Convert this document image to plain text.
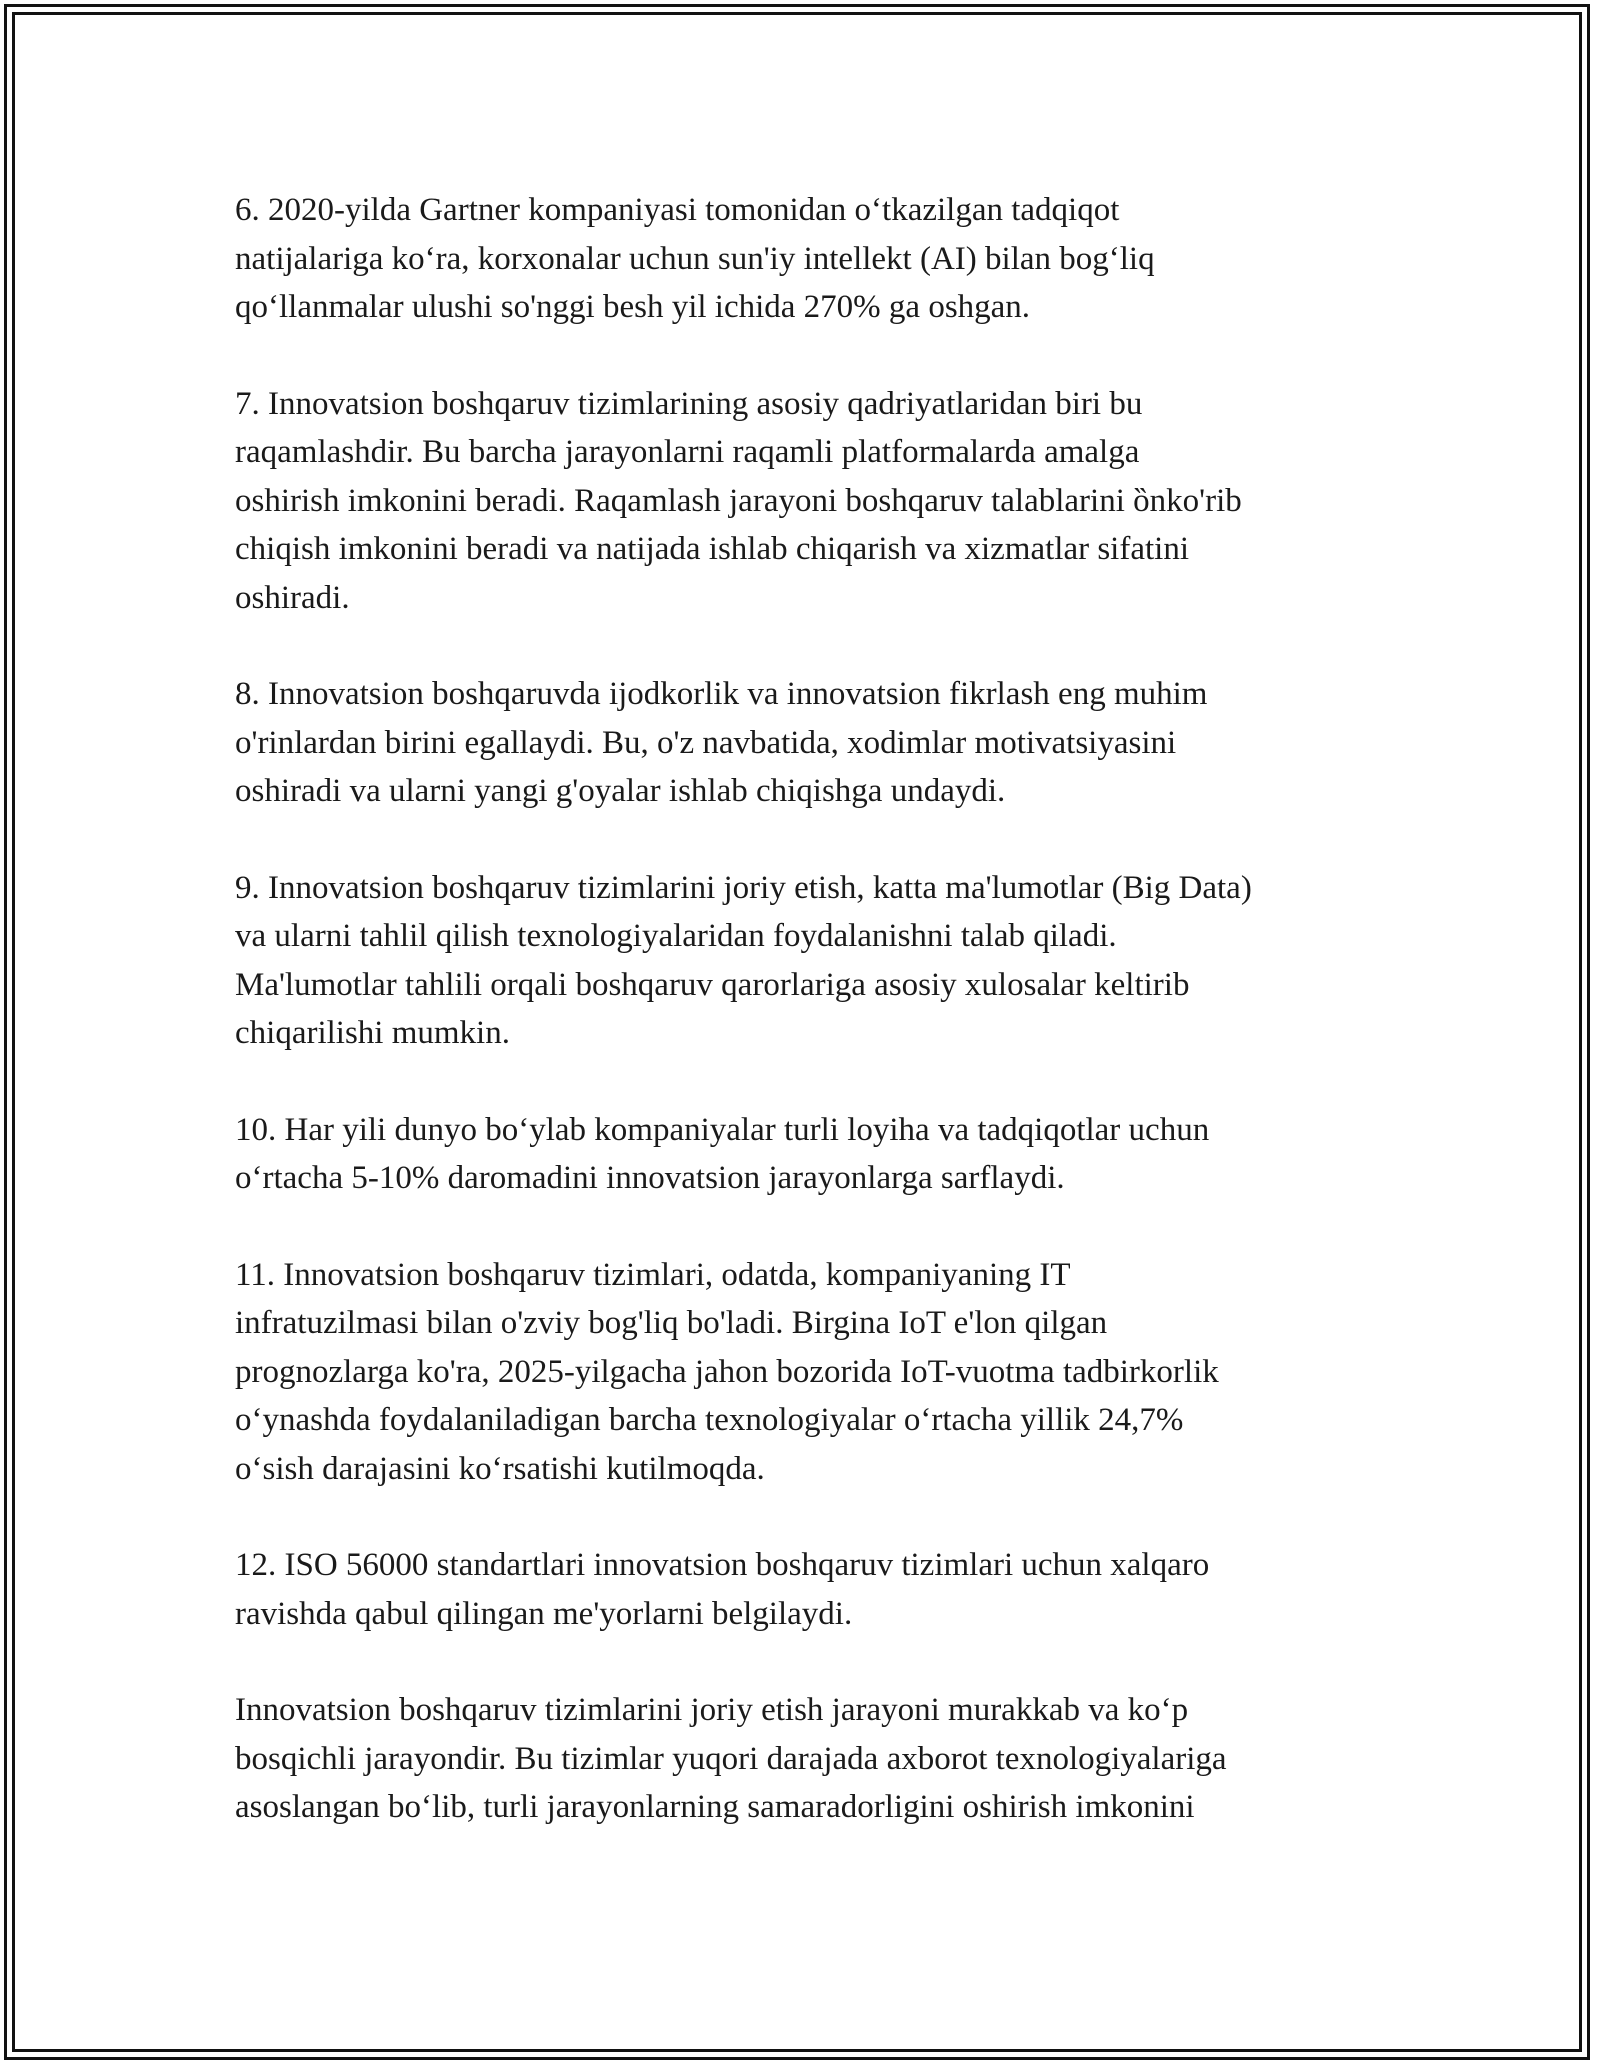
6. 2020-yilda Gartner kompaniyasi tomonidan o‘tkazilgan tadqiqot
natijalariga ko‘ra, korxonalar uchun sun'iy intellekt (AI) bilan bog‘liq
qo‘llanmalar ulushi so'nggi besh yil ichida 270% ga oshgan.

7. Innovatsion boshqaruv tizimlarining asosiy qadriyatlaridan biri bu
raqamlashdir. Bu barcha jarayonlarni raqamli platformalarda amalga
oshirish imkonini beradi. Raqamlash jarayoni boshqaruv talablarini ȍnko'rib
chiqish imkonini beradi va natijada ishlab chiqarish va xizmatlar sifatini
oshiradi.

8. Innovatsion boshqaruvda ijodkorlik va innovatsion fikrlash eng muhim
o'rinlardan birini egallaydi. Bu, o'z navbatida, xodimlar motivatsiyasini
oshiradi va ularni yangi g'oyalar ishlab chiqishga undaydi.

9. Innovatsion boshqaruv tizimlarini joriy etish, katta ma'lumotlar (Big Data)
va ularni tahlil qilish texnologiyalaridan foydalanishni talab qiladi.
Ma'lumotlar tahlili orqali boshqaruv qarorlariga asosiy xulosalar keltirib
chiqarilishi mumkin.

10. Har yili dunyo bo‘ylab kompaniyalar turli loyiha va tadqiqotlar uchun
o‘rtacha 5-10% daromadini innovatsion jarayonlarga sarflaydi.

11. Innovatsion boshqaruv tizimlari, odatda, kompaniyaning IT
infratuzilmasi bilan o'zviy bog'liq bo'ladi. Birgina IoT e'lon qilgan
prognozlarga ko'ra, 2025-yilgacha jahon bozorida IoT-vuotma tadbirkorlik
o‘ynashda foydalaniladigan barcha texnologiyalar o‘rtacha yillik 24,7%
o‘sish darajasini ko‘rsatishi kutilmoqda.

12. ISO 56000 standartlari innovatsion boshqaruv tizimlari uchun xalqaro
ravishda qabul qilingan me'yorlarni belgilaydi.

Innovatsion boshqaruv tizimlarini joriy etish jarayoni murakkab va ko‘p
bosqichli jarayondir. Bu tizimlar yuqori darajada axborot texnologiyalariga
asoslangan bo‘lib, turli jarayonlarning samaradorligini oshirish imkonini
